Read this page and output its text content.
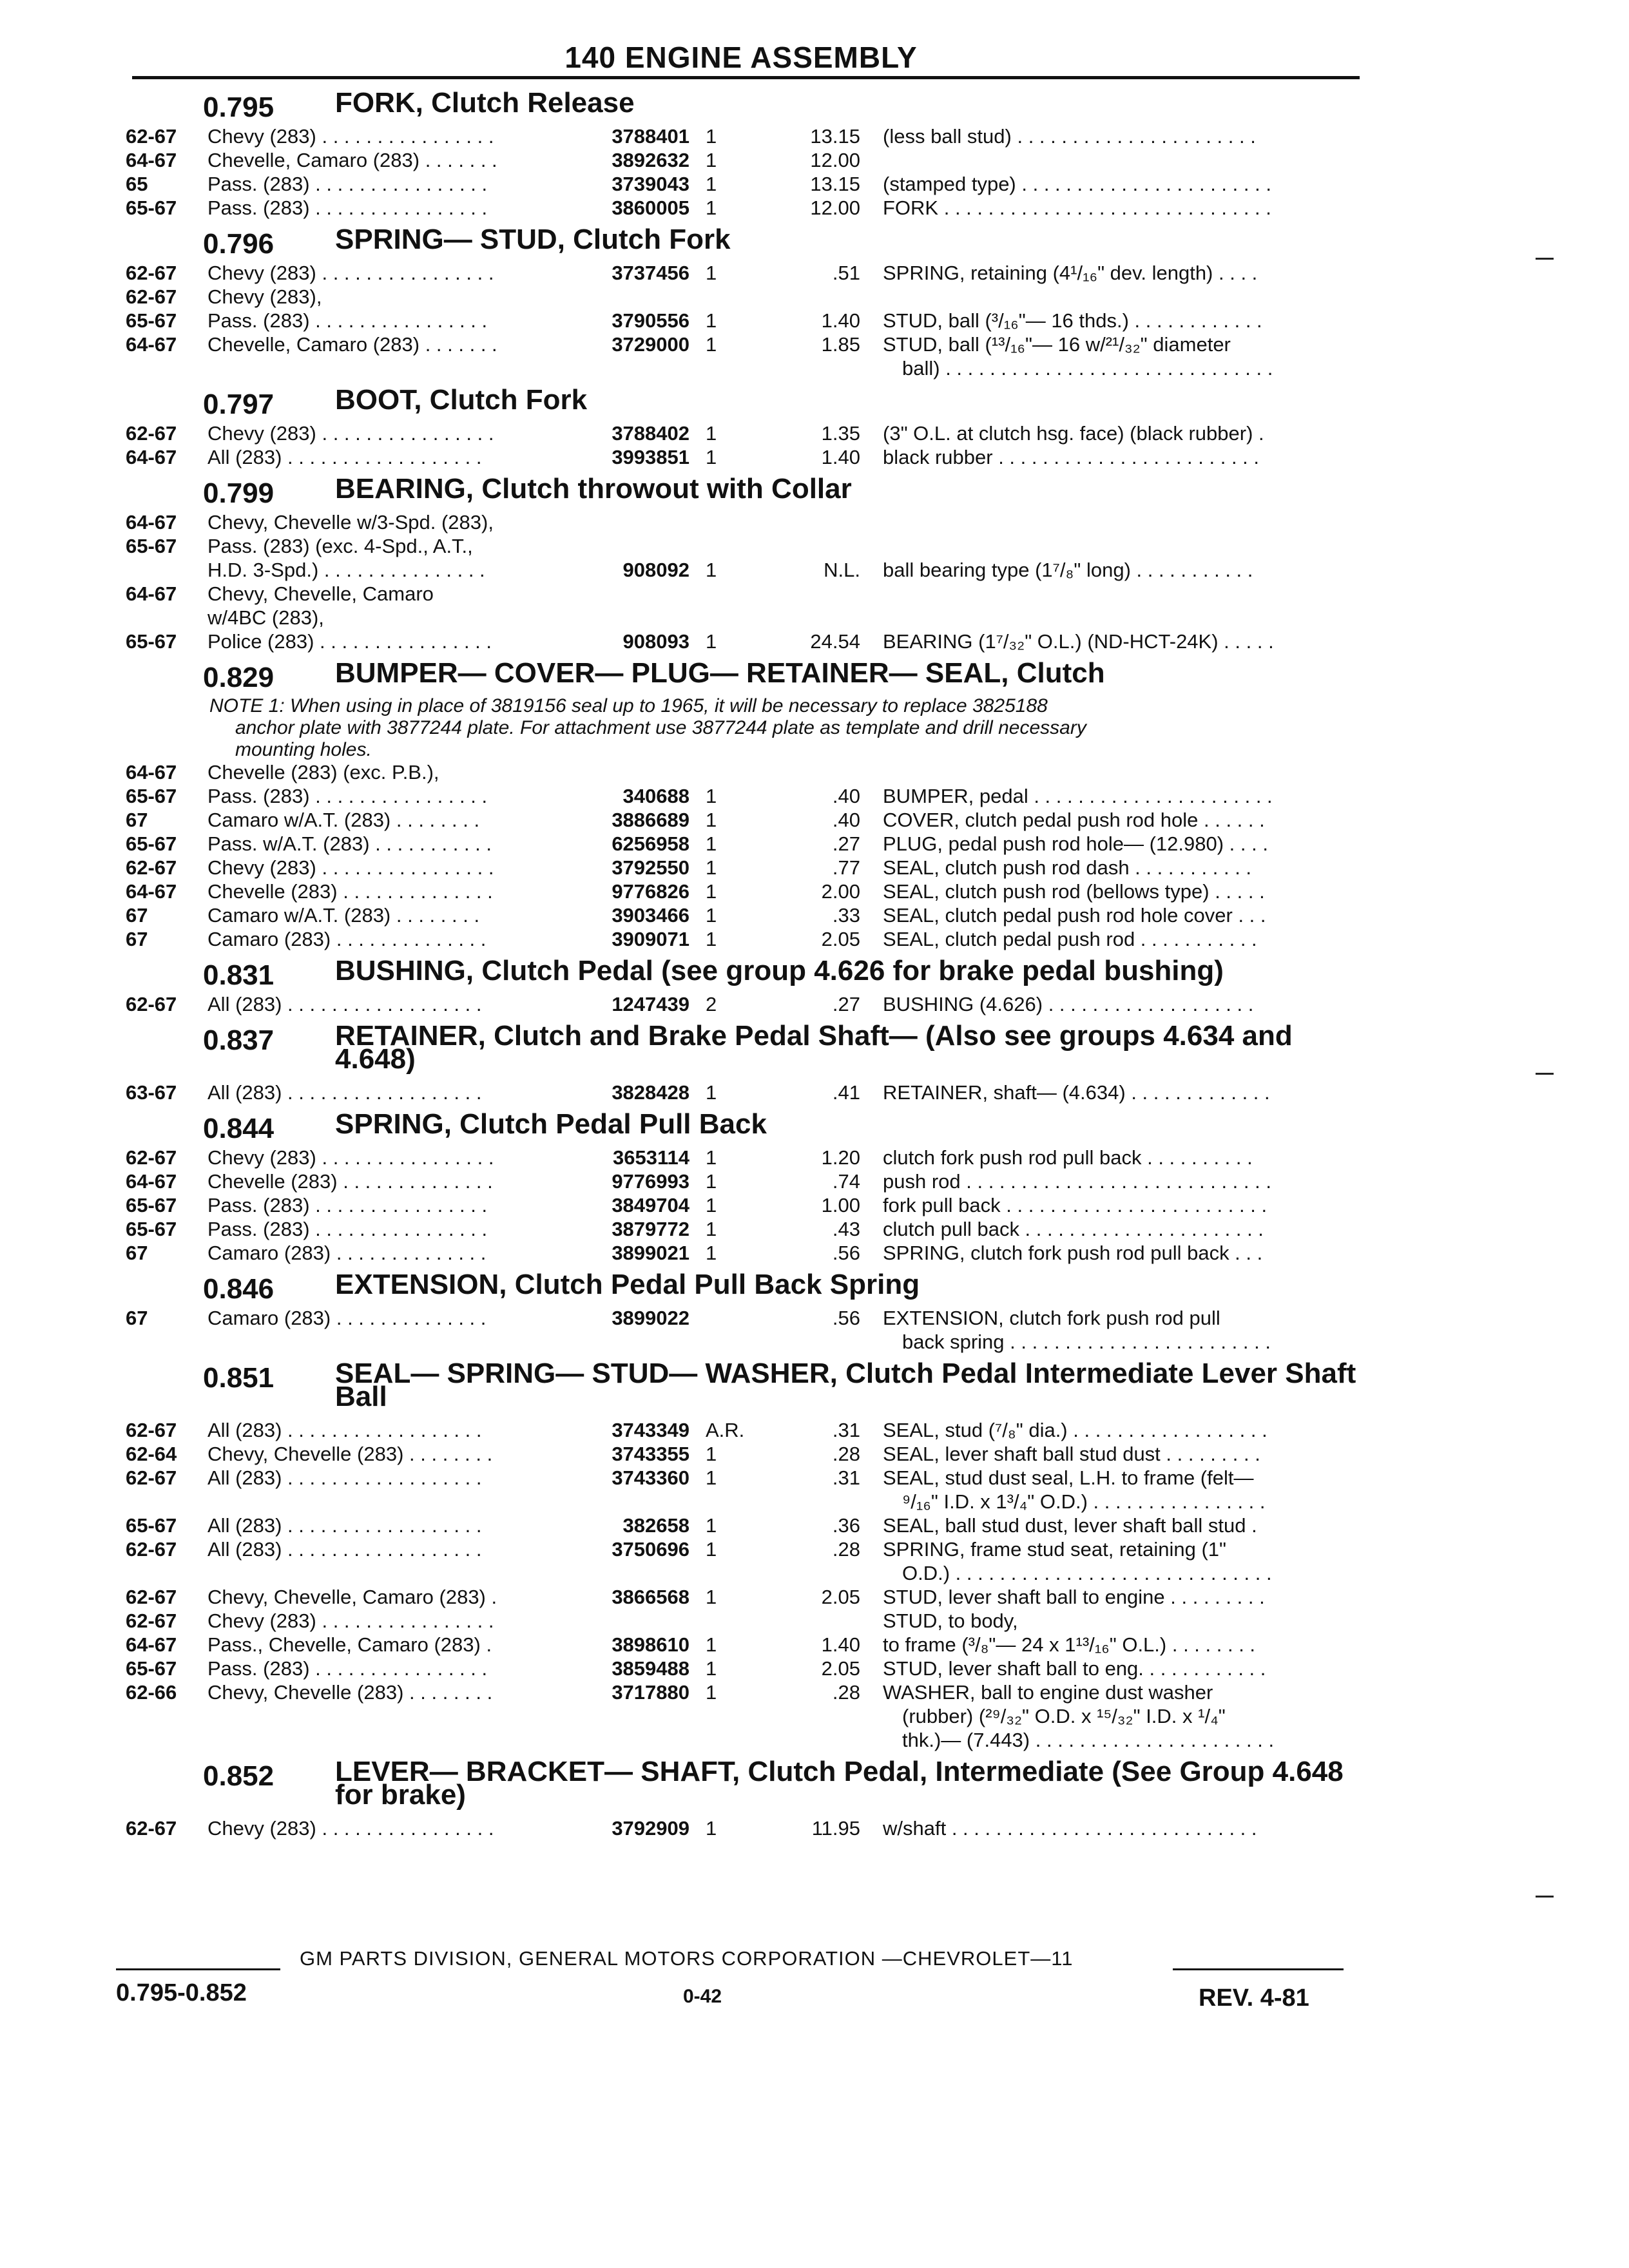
140 ENGINE ASSEMBLY
0.795 FORK, Clutch Release
62-67 Chevy (283) . . . . . . . . . . . . . . . .	3788401 1	13.15 (less ball stud) . . . . . . . . . . . . . . . . . . . . . .
64-67 Chevelle, Camaro (283) . . . . . . .	3892632 1	12.00
65	Pass. (283) . . . . . . . . . . . . . . . .	3739043 1	13.15 (stamped type) . . . . . . . . . . . . . . . . . . . . . . .
65-67 Pass. (283) . . . . . . . . . . . . . . . .	3860005 1	12.00 FORK . . . . . . . . . . . . . . . . . . . . . . . . . . . . . .
0.796 SPRING— STUD, Clutch Fork
62-67 Chevy (283) . . . . . . . . . . . . . . . .	3737456 1	.51 SPRING, retaining (4¹/₁₆" dev. length) . . . .
62-67 Chevy (283),
65-67 Pass. (283) . . . . . . . . . . . . . . . .	3790556 1	1.40 STUD, ball (³/₁₆"— 16 thds.) . . . . . . . . . . . .
64-67 Chevelle, Camaro (283) . . . . . . .	3729000 1	1.85 STUD, ball (¹³/₁₆"— 16 w/²¹/₃₂" diameter
ball) . . . . . . . . . . . . . . . . . . . . . . . . . . . . . .
0.797 BOOT, Clutch Fork
62-67 Chevy (283) . . . . . . . . . . . . . . . .	3788402 1	1.35 (3" O.L. at clutch hsg. face) (black rubber) .
64-67 All (283) . . . . . . . . . . . . . . . . . .	3993851 1	1.40 black rubber . . . . . . . . . . . . . . . . . . . . . . . .
0.799 BEARING, Clutch throwout with Collar
64-67 Chevy, Chevelle w/3-Spd. (283),
65-67 Pass. (283) (exc. 4-Spd., A.T.,
H.D. 3-Spd.) . . . . . . . . . . . . . . .	908092 1	N.L. ball bearing type (1⁷/₈" long) . . . . . . . . . . .
64-67 Chevy, Chevelle, Camaro
w/4BC (283),
65-67 Police (283) . . . . . . . . . . . . . . . .	908093 1	24.54 BEARING (1⁷/₃₂" O.L.) (ND-HCT-24K) . . . . .
0.829 BUMPER— COVER— PLUG— RETAINER— SEAL, Clutch
NOTE 1: When using in place of 3819156 seal up to 1965, it will be necessary to replace 3825188
anchor plate with 3877244 plate. For attachment use 3877244 plate as template and drill necessary
mounting holes.
64-67 Chevelle (283) (exc. P.B.),
65-67 Pass. (283) . . . . . . . . . . . . . . . .	340688 1	.40 BUMPER, pedal . . . . . . . . . . . . . . . . . . . . . .
67	Camaro w/A.T. (283) . . . . . . . .	3886689 1	.40 COVER, clutch pedal push rod hole . . . . . .
65-67 Pass. w/A.T. (283) . . . . . . . . . . .	6256958 1	.27 PLUG, pedal push rod hole— (12.980) . . . .
62-67 Chevy (283) . . . . . . . . . . . . . . . .	3792550 1	.77 SEAL, clutch push rod dash . . . . . . . . . . .
64-67 Chevelle (283) . . . . . . . . . . . . . .	9776826 1	2.00 SEAL, clutch push rod (bellows type) . . . . .
67	Camaro w/A.T. (283) . . . . . . . .	3903466 1	.33 SEAL, clutch pedal push rod hole cover . . .
67	Camaro (283) . . . . . . . . . . . . . .	3909071 1	2.05 SEAL, clutch pedal push rod . . . . . . . . . . .
0.831 BUSHING, Clutch Pedal (see group 4.626 for brake pedal bushing)
62-67 All (283) . . . . . . . . . . . . . . . . . .	1247439 2	.27 BUSHING (4.626) . . . . . . . . . . . . . . . . . . .
0.837 RETAINER, Clutch and Brake Pedal Shaft— (Also see groups 4.634 and 4.648)
63-67 All (283) . . . . . . . . . . . . . . . . . .	3828428 1	.41 RETAINER, shaft— (4.634) . . . . . . . . . . . . .
0.844 SPRING, Clutch Pedal Pull Back
62-67 Chevy (283) . . . . . . . . . . . . . . . .	3653114 1	1.20 clutch fork push rod pull back . . . . . . . . . .
64-67 Chevelle (283) . . . . . . . . . . . . . .	9776993 1	.74 push rod . . . . . . . . . . . . . . . . . . . . . . . . . . . .
65-67 Pass. (283) . . . . . . . . . . . . . . . .	3849704 1	1.00 fork pull back . . . . . . . . . . . . . . . . . . . . . . . .
65-67 Pass. (283) . . . . . . . . . . . . . . . .	3879772 1	.43 clutch pull back . . . . . . . . . . . . . . . . . . . . . .
67	Camaro (283) . . . . . . . . . . . . . .	3899021 1	.56 SPRING, clutch fork push rod pull back . . .
0.846 EXTENSION, Clutch Pedal Pull Back Spring
67	Camaro (283) . . . . . . . . . . . . . .	3899022	.56 EXTENSION, clutch fork push rod pull
back spring . . . . . . . . . . . . . . . . . . . . . . . .
0.851 SEAL— SPRING— STUD— WASHER, Clutch Pedal Intermediate Lever Shaft Ball
62-67 All (283) . . . . . . . . . . . . . . . . . .	3743349 A.R.	.31 SEAL, stud (⁷/₈" dia.) . . . . . . . . . . . . . . . . . .
62-64 Chevy, Chevelle (283) . . . . . . . .	3743355 1	.28 SEAL, lever shaft ball stud dust . . . . . . . . .
62-67 All (283) . . . . . . . . . . . . . . . . . .	3743360 1	.31 SEAL, stud dust seal, L.H. to frame (felt—
⁹/₁₆" I.D. x 1³/₄" O.D.) . . . . . . . . . . . . . . . .
65-67 All (283) . . . . . . . . . . . . . . . . . .	382658 1	.36 SEAL, ball stud dust, lever shaft ball stud .
62-67 All (283) . . . . . . . . . . . . . . . . . .	3750696 1	.28 SPRING, frame stud seat, retaining (1"
O.D.) . . . . . . . . . . . . . . . . . . . . . . . . . . . . .
62-67 Chevy, Chevelle, Camaro (283) .	3866568 1	2.05 STUD, lever shaft ball to engine . . . . . . . . .
62-67 Chevy (283) . . . . . . . . . . . . . . . .	STUD, to body,
64-67 Pass., Chevelle, Camaro (283) .	3898610 1	1.40 to frame (³/₈"— 24 x 1¹³/₁₆" O.L.) . . . . . . . .
65-67 Pass. (283) . . . . . . . . . . . . . . . .	3859488 1	2.05 STUD, lever shaft ball to eng. . . . . . . . . . . .
62-66 Chevy, Chevelle (283) . . . . . . . .	3717880 1	.28 WASHER, ball to engine dust washer
(rubber) (²⁹/₃₂" O.D. x ¹⁵/₃₂" I.D. x ¹/₄"
thk.)— (7.443) . . . . . . . . . . . . . . . . . . . . . .
0.852 LEVER— BRACKET— SHAFT, Clutch Pedal, Intermediate (See Group 4.648 for brake)
62-67 Chevy (283) . . . . . . . . . . . . . . . .	3792909 1	11.95 w/shaft . . . . . . . . . . . . . . . . . . . . . . . . . . . .
GM PARTS DIVISION, GENERAL MOTORS CORPORATION —CHEVROLET—11
0.795-0.852	0-42	REV. 4-81
